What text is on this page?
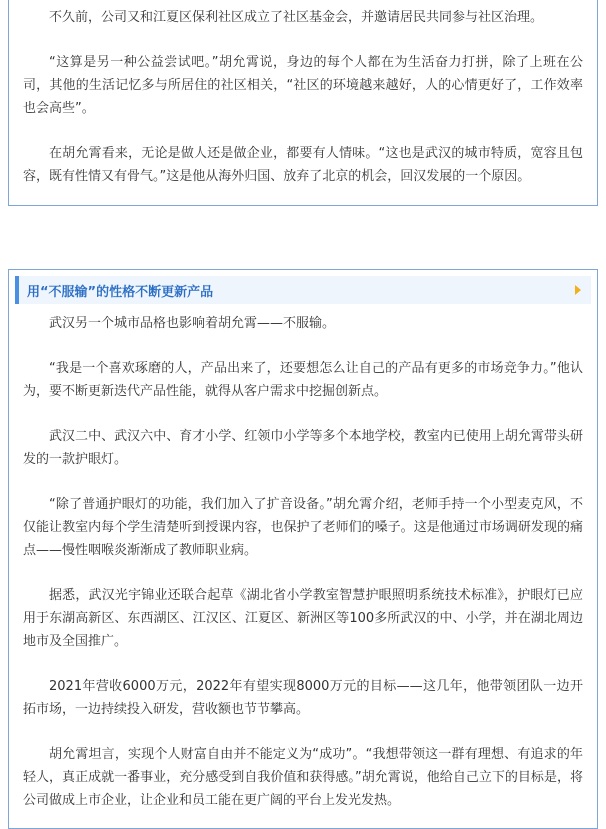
不久前，公司又和江夏区保利社区成立了社区基金会，并邀请居民共同参与社区治理。

“这算是另一种公益尝试吧。”胡允霄说，身边的每个人都在为生活奋力打拼，除了上班在公司，其他的生活记忆多与所居住的社区相关，“社区的环境越来越好，人的心情更好了，工作效率也会高些”。

在胡允霄看来，无论是做人还是做企业，都要有人情味。“这也是武汉的城市特质，宽容且包容，既有性情又有骨气。”这是他从海外归国、放弃了北京的机会，回汉发展的一个原因。

用“不服输”的性格不断更新产品

武汉另一个城市品格也影响着胡允霄——不服输。

“我是一个喜欢琢磨的人，产品出来了，还要想怎么让自己的产品有更多的市场竞争力。”他认为，要不断更新迭代产品性能，就得从客户需求中挖掘创新点。

武汉二中、武汉六中、育才小学、红领巾小学等多个本地学校，教室内已使用上胡允霄带头研发的一款护眼灯。

“除了普通护眼灯的功能，我们加入了扩音设备。”胡允霄介绍，老师手持一个小型麦克风，不仅能让教室内每个学生清楚听到授课内容，也保护了老师们的嗓子。这是他通过市场调研发现的痛点——慢性咽喉炎渐渐成了教师职业病。

据悉，武汉光宇锦业还联合起草《湖北省小学教室智慧护眼照明系统技术标准》，护眼灯已应用于东湖高新区、东西湖区、江汉区、江夏区、新洲区等100多所武汉的中、小学，并在湖北周边地市及全国推广。

2021年营收6000万元，2022年有望实现8000万元的目标——这几年，他带领团队一边开拓市场，一边持续投入研发，营收额也节节攀高。

胡允霄坦言，实现个人财富自由并不能定义为“成功”。“我想带领这一群有理想、有追求的年轻人，真正成就一番事业，充分感受到自我价值和获得感。”胡允霄说，他给自己立下的目标是，将公司做成上市企业，让企业和员工能在更广阔的平台上发光发热。
